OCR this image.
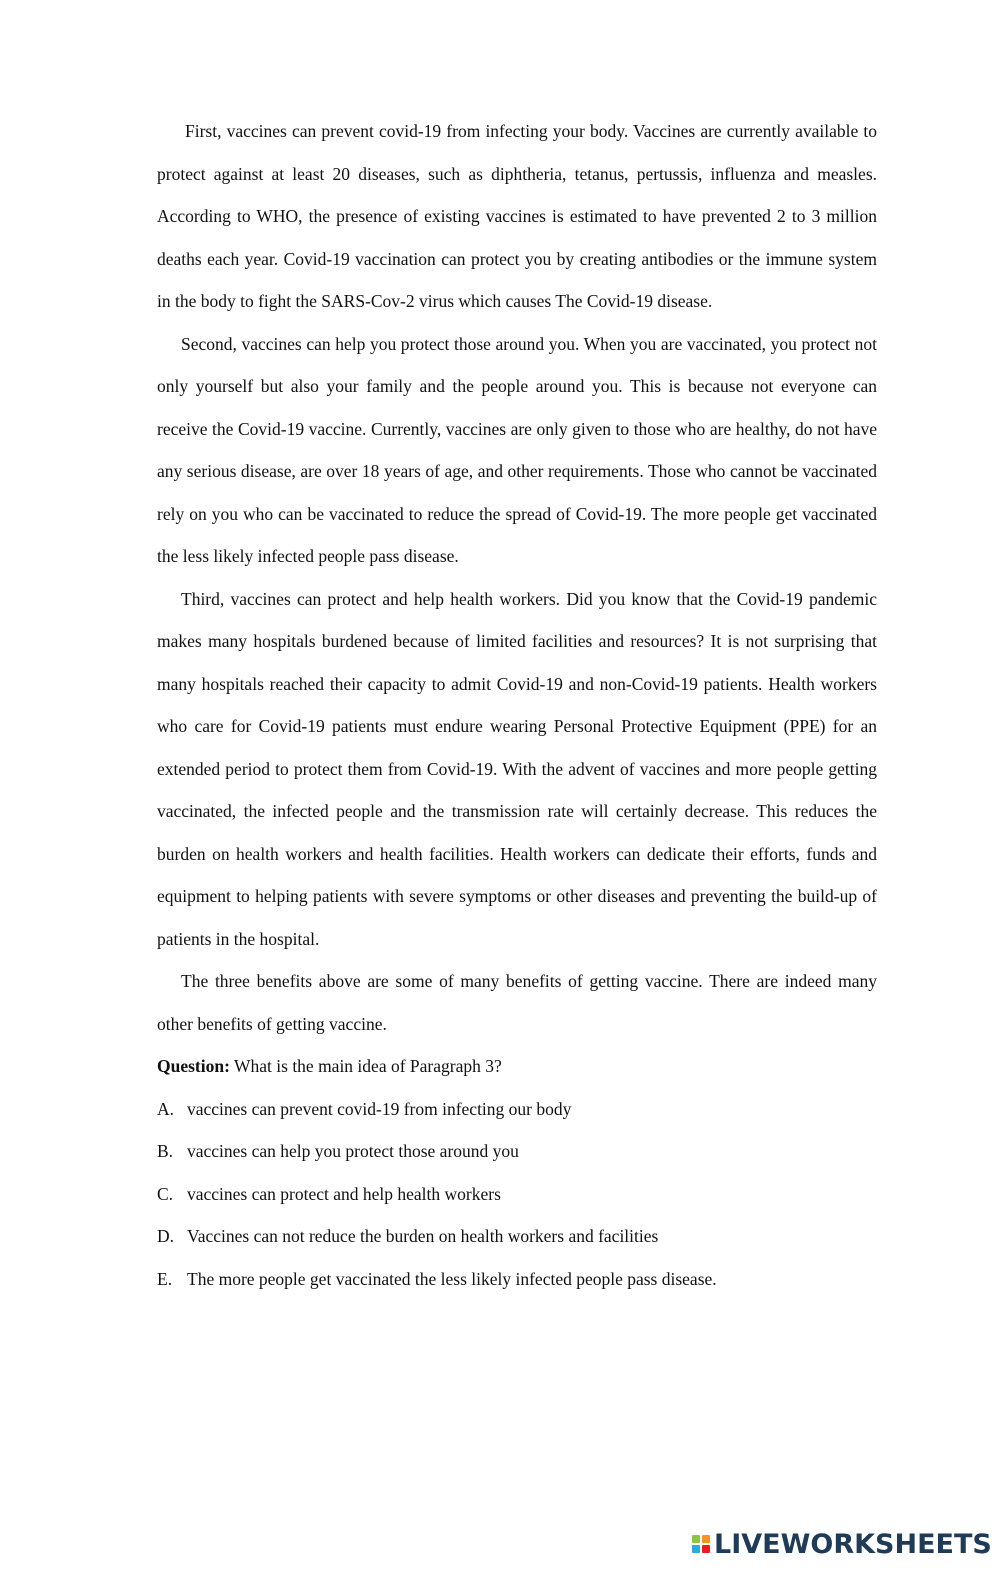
First, vaccines can prevent covid-19 from infecting your body. Vaccines are currently available to protect against at least 20 diseases, such as diphtheria, tetanus, pertussis, influenza and measles. According to WHO, the presence of existing vaccines is estimated to have prevented 2 to 3 million deaths each year. Covid-19 vaccination can protect you by creating antibodies or the immune system in the body to fight the SARS-Cov-2 virus which causes The Covid-19 disease.

Second, vaccines can help you protect those around you. When you are vaccinated, you protect not only yourself but also your family and the people around you. This is because not everyone can receive the Covid-19 vaccine. Currently, vaccines are only given to those who are healthy, do not have any serious disease, are over 18 years of age, and other requirements. Those who cannot be vaccinated rely on you who can be vaccinated to reduce the spread of Covid-19. The more people get vaccinated the less likely infected people pass disease.

Third, vaccines can protect and help health workers. Did you know that the Covid-19 pandemic makes many hospitals burdened because of limited facilities and resources? It is not surprising that many hospitals reached their capacity to admit Covid-19 and non-Covid-19 patients. Health workers who care for Covid-19 patients must endure wearing Personal Protective Equipment (PPE) for an extended period to protect them from Covid-19. With the advent of vaccines and more people getting vaccinated, the infected people and the transmission rate will certainly decrease. This reduces the burden on health workers and health facilities. Health workers can dedicate their efforts, funds and equipment to helping patients with severe symptoms or other diseases and preventing the build-up of patients in the hospital.

The three benefits above are some of many benefits of getting vaccine. There are indeed many other benefits of getting vaccine.

Question: What is the main idea of Paragraph 3?

A. vaccines can prevent covid-19 from infecting our body
B. vaccines can help you protect those around you
C. vaccines can protect and help health workers
D. Vaccines can not reduce the burden on health workers and facilities
E. The more people get vaccinated the less likely infected people pass disease.
LIVEWORKSHEETS
